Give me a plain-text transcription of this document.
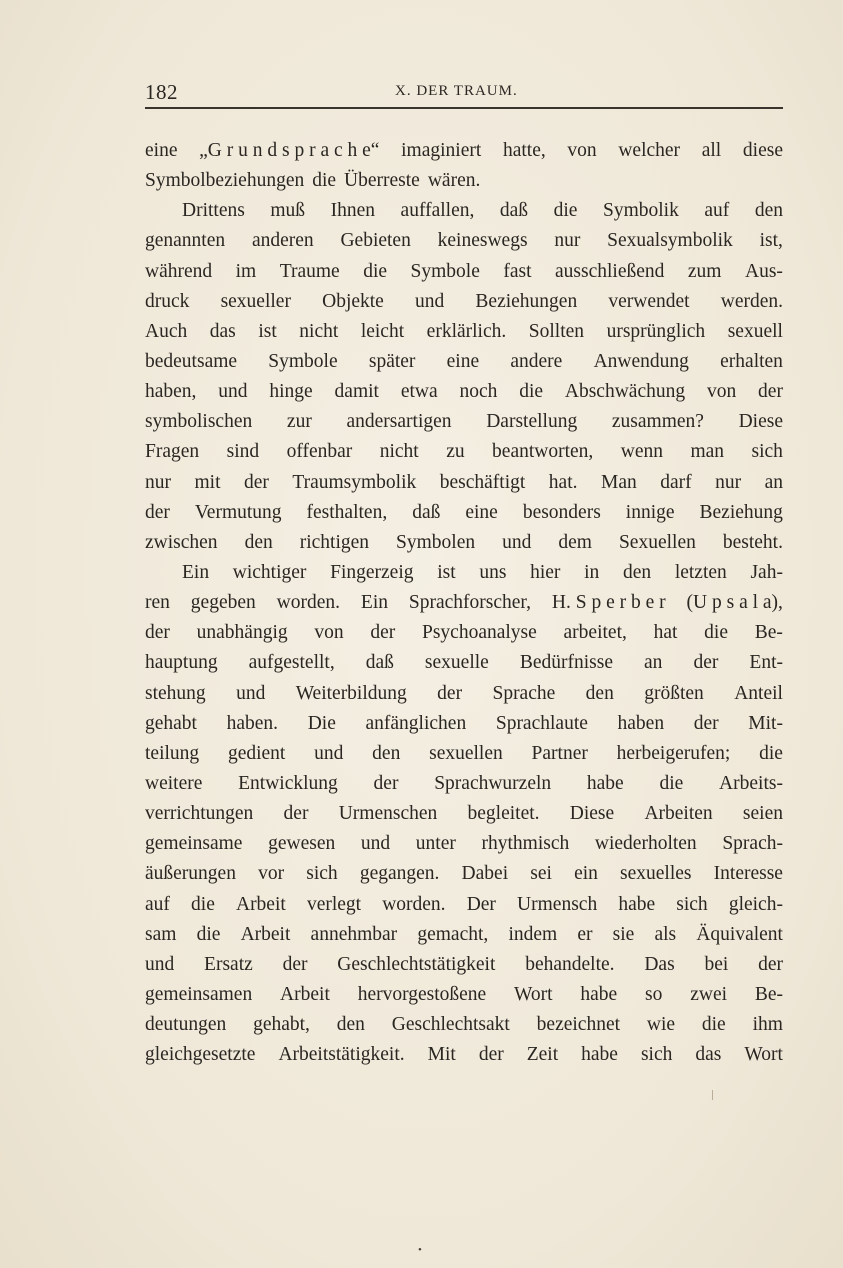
182	X. DER TRAUM.
eine „G r u n d s p r a c h e“ imaginiert hatte, von welcher all diese
Symbolbeziehungen die Überreste wären.
Drittens muß Ihnen auffallen, daß die Symbolik auf den
genannten anderen Gebieten keineswegs nur Sexualsymbolik ist,
während im Traume die Symbole fast ausschließend zum Aus-
druck sexueller Objekte und Beziehungen verwendet werden.
Auch das ist nicht leicht erklärlich. Sollten ursprünglich sexuell
bedeutsame Symbole später eine andere Anwendung erhalten
haben, und hinge damit etwa noch die Abschwächung von der
symbolischen zur andersartigen Darstellung zusammen? Diese
Fragen sind offenbar nicht zu beantworten, wenn man sich
nur mit der Traumsymbolik beschäftigt hat. Man darf nur an
der Vermutung festhalten, daß eine besonders innige Beziehung
zwischen den richtigen Symbolen und dem Sexuellen besteht.
Ein wichtiger Fingerzeig ist uns hier in den letzten Jah-
ren gegeben worden. Ein Sprachforscher, H. S p e r b e r (U p s a l a),
der unabhängig von der Psychoanalyse arbeitet, hat die Be-
hauptung aufgestellt, daß sexuelle Bedürfnisse an der Ent-
stehung und Weiterbildung der Sprache den größten Anteil
gehabt haben. Die anfänglichen Sprachlaute haben der Mit-
teilung gedient und den sexuellen Partner herbeigerufen; die
weitere Entwicklung der Sprachwurzeln habe die Arbeits-
verrichtungen der Urmenschen begleitet. Diese Arbeiten seien
gemeinsame gewesen und unter rhythmisch wiederholten Sprach-
äußerungen vor sich gegangen. Dabei sei ein sexuelles Interesse
auf die Arbeit verlegt worden. Der Urmensch habe sich gleich-
sam die Arbeit annehmbar gemacht, indem er sie als Äquivalent
und Ersatz der Geschlechtstätigkeit behandelte. Das bei der
gemeinsamen Arbeit hervorgestoßene Wort habe so zwei Be-
deutungen gehabt, den Geschlechtsakt bezeichnet wie die ihm
gleichgesetzte Arbeitstätigkeit. Mit der Zeit habe sich das Wort
•
